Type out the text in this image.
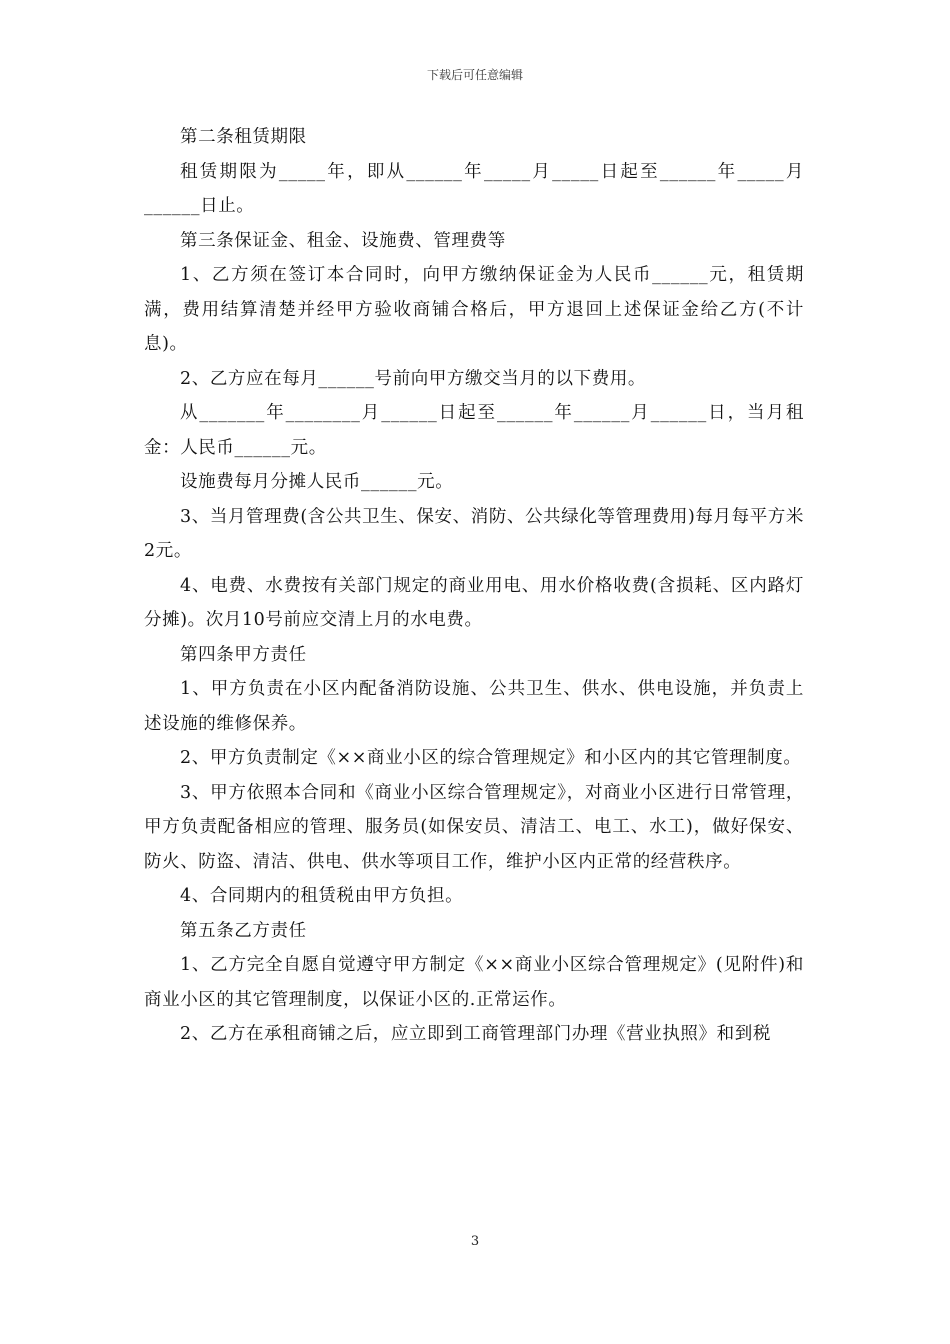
下载后可任意编辑

第二条租赁期限

租赁期限为_____年，即从______年_____月_____日起至______年_____月______日止。

第三条保证金、租金、设施费、管理费等

1、乙方须在签订本合同时，向甲方缴纳保证金为人民币______元，租赁期满，费用结算清楚并经甲方验收商铺合格后，甲方退回上述保证金给乙方(不计息)。

2、乙方应在每月______号前向甲方缴交当月的以下费用。

从_______年________月______日起至______年______月______日，当月租金：人民币______元。

设施费每月分摊人民币______元。

3、当月管理费(含公共卫生、保安、消防、公共绿化等管理费用)每月每平方米2元。

4、电费、水费按有关部门规定的商业用电、用水价格收费(含损耗、区内路灯分摊)。次月10号前应交清上月的水电费。

第四条甲方责任

1、甲方负责在小区内配备消防设施、公共卫生、供水、供电设施，并负责上述设施的维修保养。

2、甲方负责制定《××商业小区的综合管理规定》和小区内的其它管理制度。

3、甲方依照本合同和《商业小区综合管理规定》，对商业小区进行日常管理，甲方负责配备相应的管理、服务员(如保安员、清洁工、电工、水工)，做好保安、防火、防盗、清洁、供电、供水等项目工作，维护小区内正常的经营秩序。

4、合同期内的租赁税由甲方负担。

第五条乙方责任

1、乙方完全自愿自觉遵守甲方制定《××商业小区综合管理规定》(见附件)和商业小区的其它管理制度，以保证小区的.正常运作。

2、乙方在承租商铺之后，应立即到工商管理部门办理《营业执照》和到税

3
